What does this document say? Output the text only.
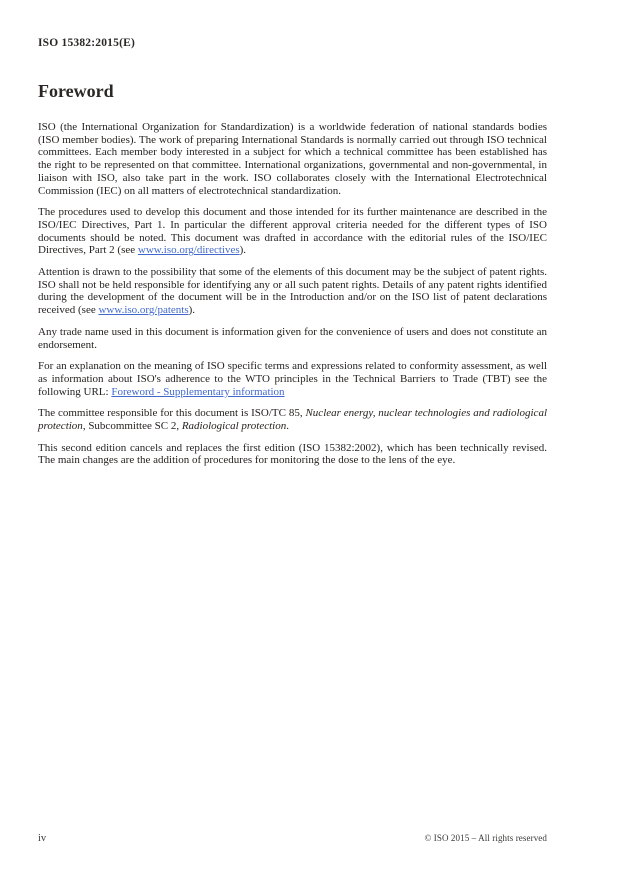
ISO 15382:2015(E)
Foreword

ISO (the International Organization for Standardization) is a worldwide federation of national standards bodies (ISO member bodies). The work of preparing International Standards is normally carried out through ISO technical committees. Each member body interested in a subject for which a technical committee has been established has the right to be represented on that committee. International organizations, governmental and non-governmental, in liaison with ISO, also take part in the work. ISO collaborates closely with the International Electrotechnical Commission (IEC) on all matters of electrotechnical standardization.

The procedures used to develop this document and those intended for its further maintenance are described in the ISO/IEC Directives, Part 1. In particular the different approval criteria needed for the different types of ISO documents should be noted. This document was drafted in accordance with the editorial rules of the ISO/IEC Directives, Part 2 (see www.iso.org/directives).

Attention is drawn to the possibility that some of the elements of this document may be the subject of patent rights. ISO shall not be held responsible for identifying any or all such patent rights. Details of any patent rights identified during the development of the document will be in the Introduction and/or on the ISO list of patent declarations received (see www.iso.org/patents).

Any trade name used in this document is information given for the convenience of users and does not constitute an endorsement.

For an explanation on the meaning of ISO specific terms and expressions related to conformity assessment, as well as information about ISO's adherence to the WTO principles in the Technical Barriers to Trade (TBT) see the following URL: Foreword - Supplementary information

The committee responsible for this document is ISO/TC 85, Nuclear energy, nuclear technologies and radiological protection, Subcommittee SC 2, Radiological protection.

This second edition cancels and replaces the first edition (ISO 15382:2002), which has been technically revised. The main changes are the addition of procedures for monitoring the dose to the lens of the eye.

iv	© ISO 2015 – All rights reserved
